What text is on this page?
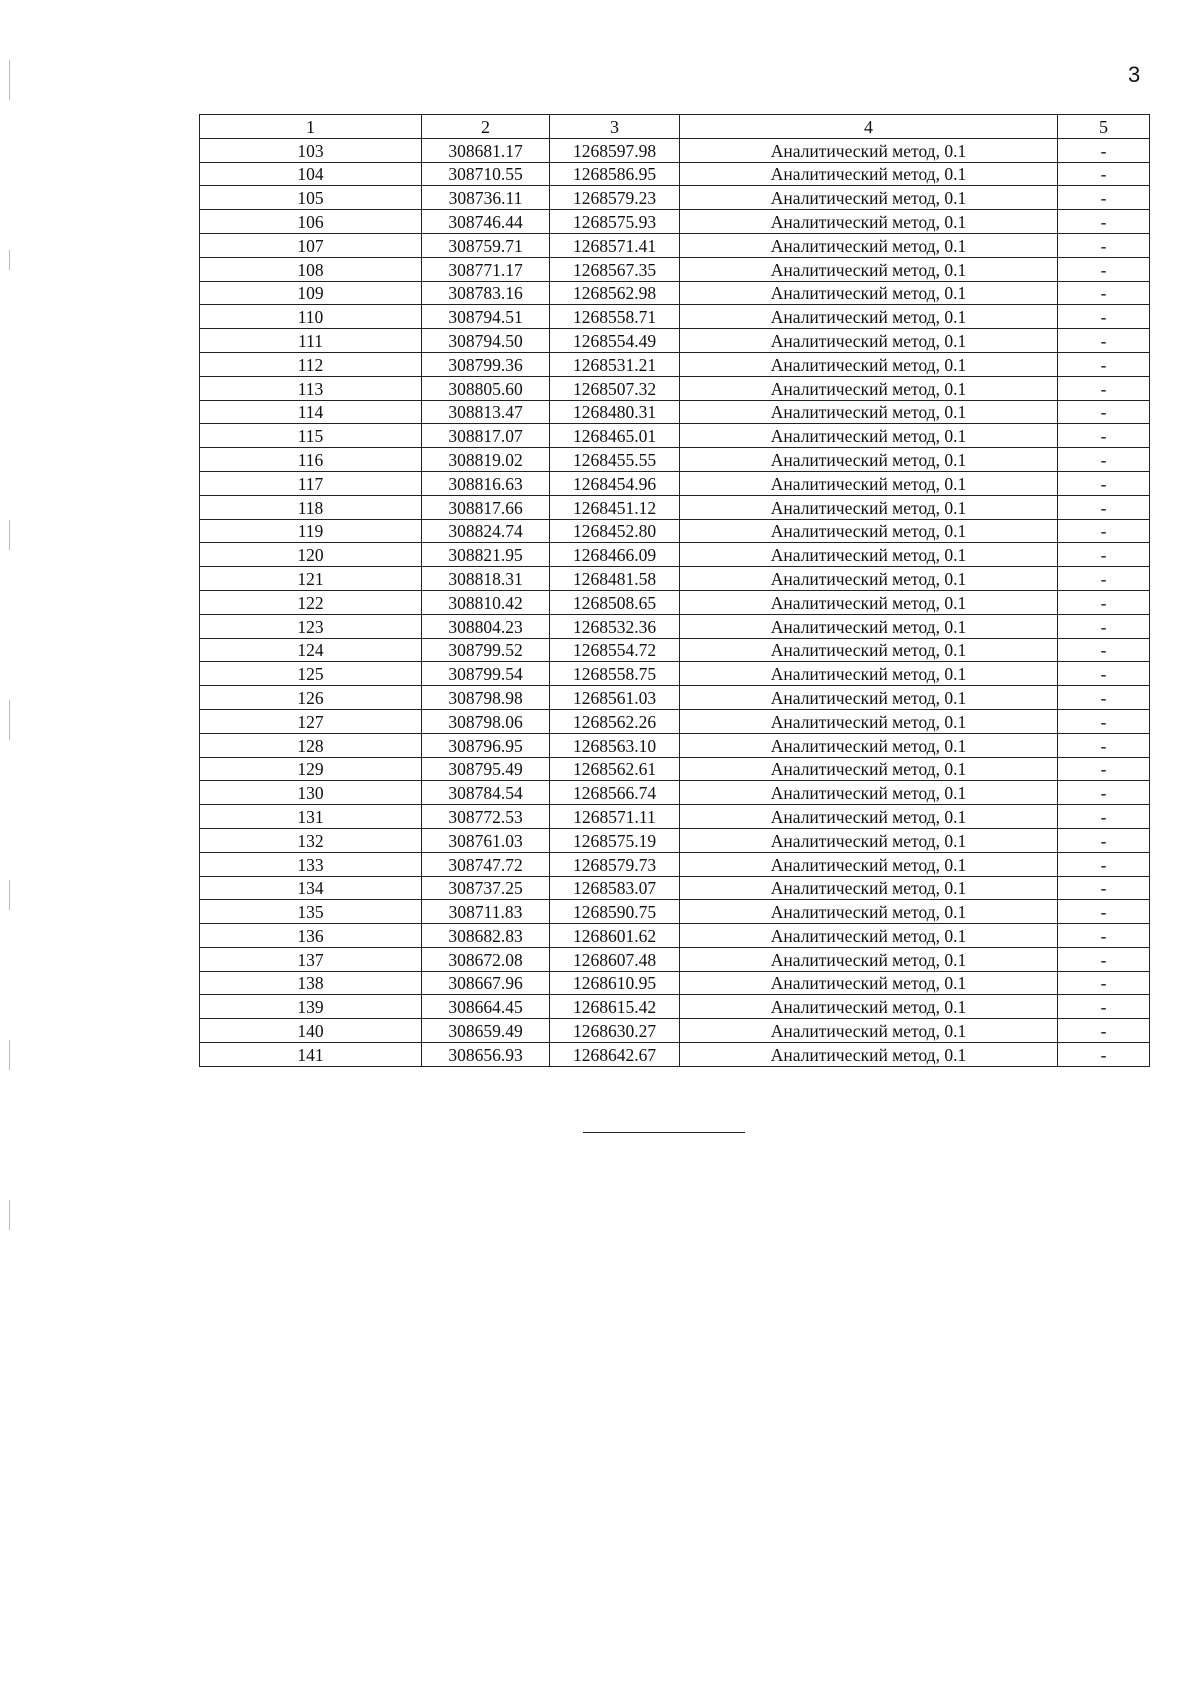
3
1	2	3	4	5
103	308681.17	1268597.98	Аналитический метод, 0.1	-
104	308710.55	1268586.95	Аналитический метод, 0.1	-
105	308736.11	1268579.23	Аналитический метод, 0.1	-
106	308746.44	1268575.93	Аналитический метод, 0.1	-
107	308759.71	1268571.41	Аналитический метод, 0.1	-
108	308771.17	1268567.35	Аналитический метод, 0.1	-
109	308783.16	1268562.98	Аналитический метод, 0.1	-
110	308794.51	1268558.71	Аналитический метод, 0.1	-
111	308794.50	1268554.49	Аналитический метод, 0.1	-
112	308799.36	1268531.21	Аналитический метод, 0.1	-
113	308805.60	1268507.32	Аналитический метод, 0.1	-
114	308813.47	1268480.31	Аналитический метод, 0.1	-
115	308817.07	1268465.01	Аналитический метод, 0.1	-
116	308819.02	1268455.55	Аналитический метод, 0.1	-
117	308816.63	1268454.96	Аналитический метод, 0.1	-
118	308817.66	1268451.12	Аналитический метод, 0.1	-
119	308824.74	1268452.80	Аналитический метод, 0.1	-
120	308821.95	1268466.09	Аналитический метод, 0.1	-
121	308818.31	1268481.58	Аналитический метод, 0.1	-
122	308810.42	1268508.65	Аналитический метод, 0.1	-
123	308804.23	1268532.36	Аналитический метод, 0.1	-
124	308799.52	1268554.72	Аналитический метод, 0.1	-
125	308799.54	1268558.75	Аналитический метод, 0.1	-
126	308798.98	1268561.03	Аналитический метод, 0.1	-
127	308798.06	1268562.26	Аналитический метод, 0.1	-
128	308796.95	1268563.10	Аналитический метод, 0.1	-
129	308795.49	1268562.61	Аналитический метод, 0.1	-
130	308784.54	1268566.74	Аналитический метод, 0.1	-
131	308772.53	1268571.11	Аналитический метод, 0.1	-
132	308761.03	1268575.19	Аналитический метод, 0.1	-
133	308747.72	1268579.73	Аналитический метод, 0.1	-
134	308737.25	1268583.07	Аналитический метод, 0.1	-
135	308711.83	1268590.75	Аналитический метод, 0.1	-
136	308682.83	1268601.62	Аналитический метод, 0.1	-
137	308672.08	1268607.48	Аналитический метод, 0.1	-
138	308667.96	1268610.95	Аналитический метод, 0.1	-
139	308664.45	1268615.42	Аналитический метод, 0.1	-
140	308659.49	1268630.27	Аналитический метод, 0.1	-
141	308656.93	1268642.67	Аналитический метод, 0.1	-
